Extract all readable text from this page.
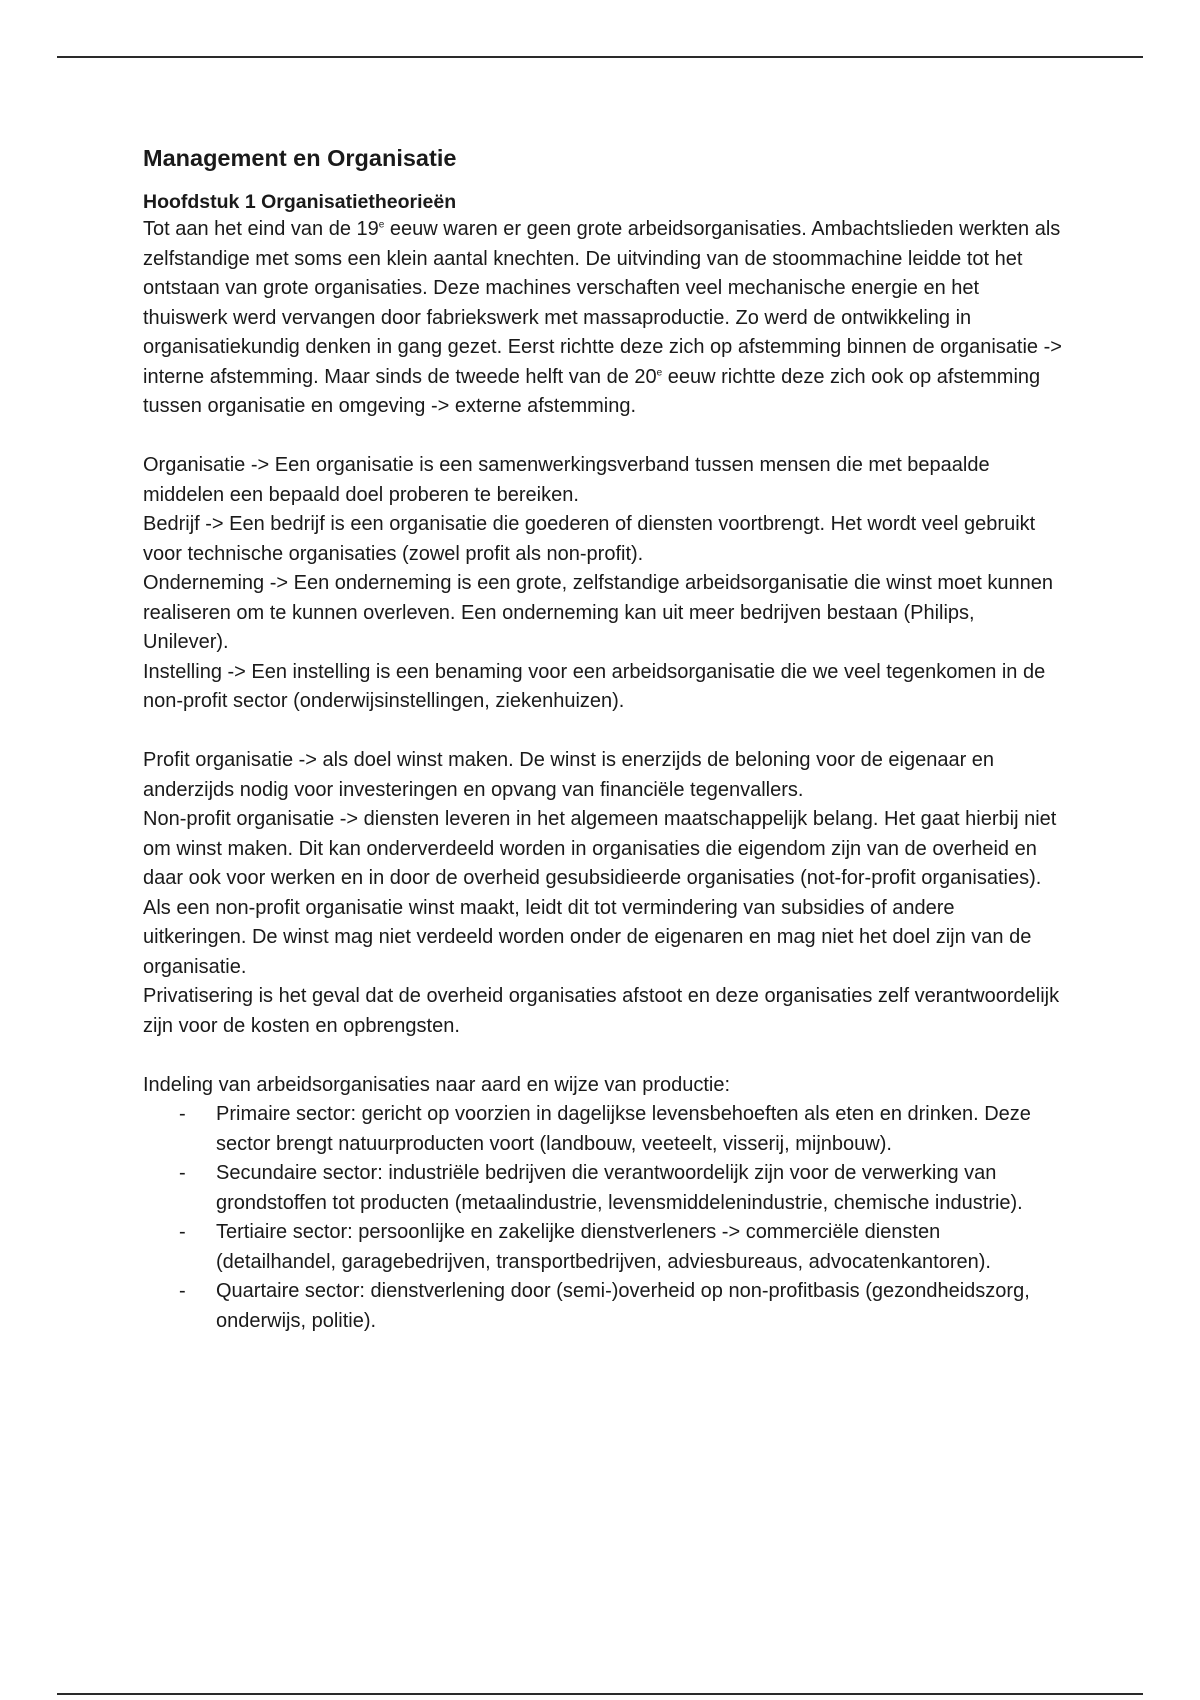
Management en Organisatie
Hoofdstuk 1 Organisatietheorieën

Tot aan het eind van de 19e eeuw waren er geen grote arbeidsorganisaties. Ambachtslieden werkten als zelfstandige met soms een klein aantal knechten. De uitvinding van de stoommachine leidde tot het ontstaan van grote organisaties. Deze machines verschaften veel mechanische energie en het thuiswerk werd vervangen door fabriekswerk met massaproductie. Zo werd de ontwikkeling in organisatiekundig denken in gang gezet. Eerst richtte deze zich op afstemming binnen de organisatie -> interne afstemming. Maar sinds de tweede helft van de 20e eeuw richtte deze zich ook op afstemming tussen organisatie en omgeving -> externe afstemming.

Organisatie -> Een organisatie is een samenwerkingsverband tussen mensen die met bepaalde middelen een bepaald doel proberen te bereiken.

Bedrijf -> Een bedrijf is een organisatie die goederen of diensten voortbrengt. Het wordt veel gebruikt voor technische organisaties (zowel profit als non-profit).

Onderneming -> Een onderneming is een grote, zelfstandige arbeidsorganisatie die winst moet kunnen realiseren om te kunnen overleven. Een onderneming kan uit meer bedrijven bestaan (Philips, Unilever).

Instelling -> Een instelling is een benaming voor een arbeidsorganisatie die we veel tegenkomen in de non-profit sector (onderwijsinstellingen, ziekenhuizen).

Profit organisatie -> als doel winst maken. De winst is enerzijds de beloning voor de eigenaar en anderzijds nodig voor investeringen en opvang van financiële tegenvallers.

Non-profit organisatie -> diensten leveren in het algemeen maatschappelijk belang. Het gaat hierbij niet om winst maken. Dit kan onderverdeeld worden in organisaties die eigendom zijn van de overheid en daar ook voor werken en in door de overheid gesubsidieerde organisaties (not-for-profit organisaties).

Als een non-profit organisatie winst maakt, leidt dit tot vermindering van subsidies of andere uitkeringen. De winst mag niet verdeeld worden onder de eigenaren en mag niet het doel zijn van de organisatie.

Privatisering is het geval dat de overheid organisaties afstoot en deze organisaties zelf verantwoordelijk zijn voor de kosten en opbrengsten.

Indeling van arbeidsorganisaties naar aard en wijze van productie:

- Primaire sector: gericht op voorzien in dagelijkse levensbehoeften als eten en drinken. Deze sector brengt natuurproducten voort (landbouw, veeteelt, visserij, mijnbouw).
- Secundaire sector: industriële bedrijven die verantwoordelijk zijn voor de verwerking van grondstoffen tot producten (metaalindustrie, levensmiddelenindustrie, chemische industrie).
- Tertiaire sector: persoonlijke en zakelijke dienstverleners -> commerciële diensten (detailhandel, garagebedrijven, transportbedrijven, adviesbureaus, advocatenkantoren).
- Quartaire sector: dienstverlening door (semi-)overheid op non-profitbasis (gezondheidszorg, onderwijs, politie).
